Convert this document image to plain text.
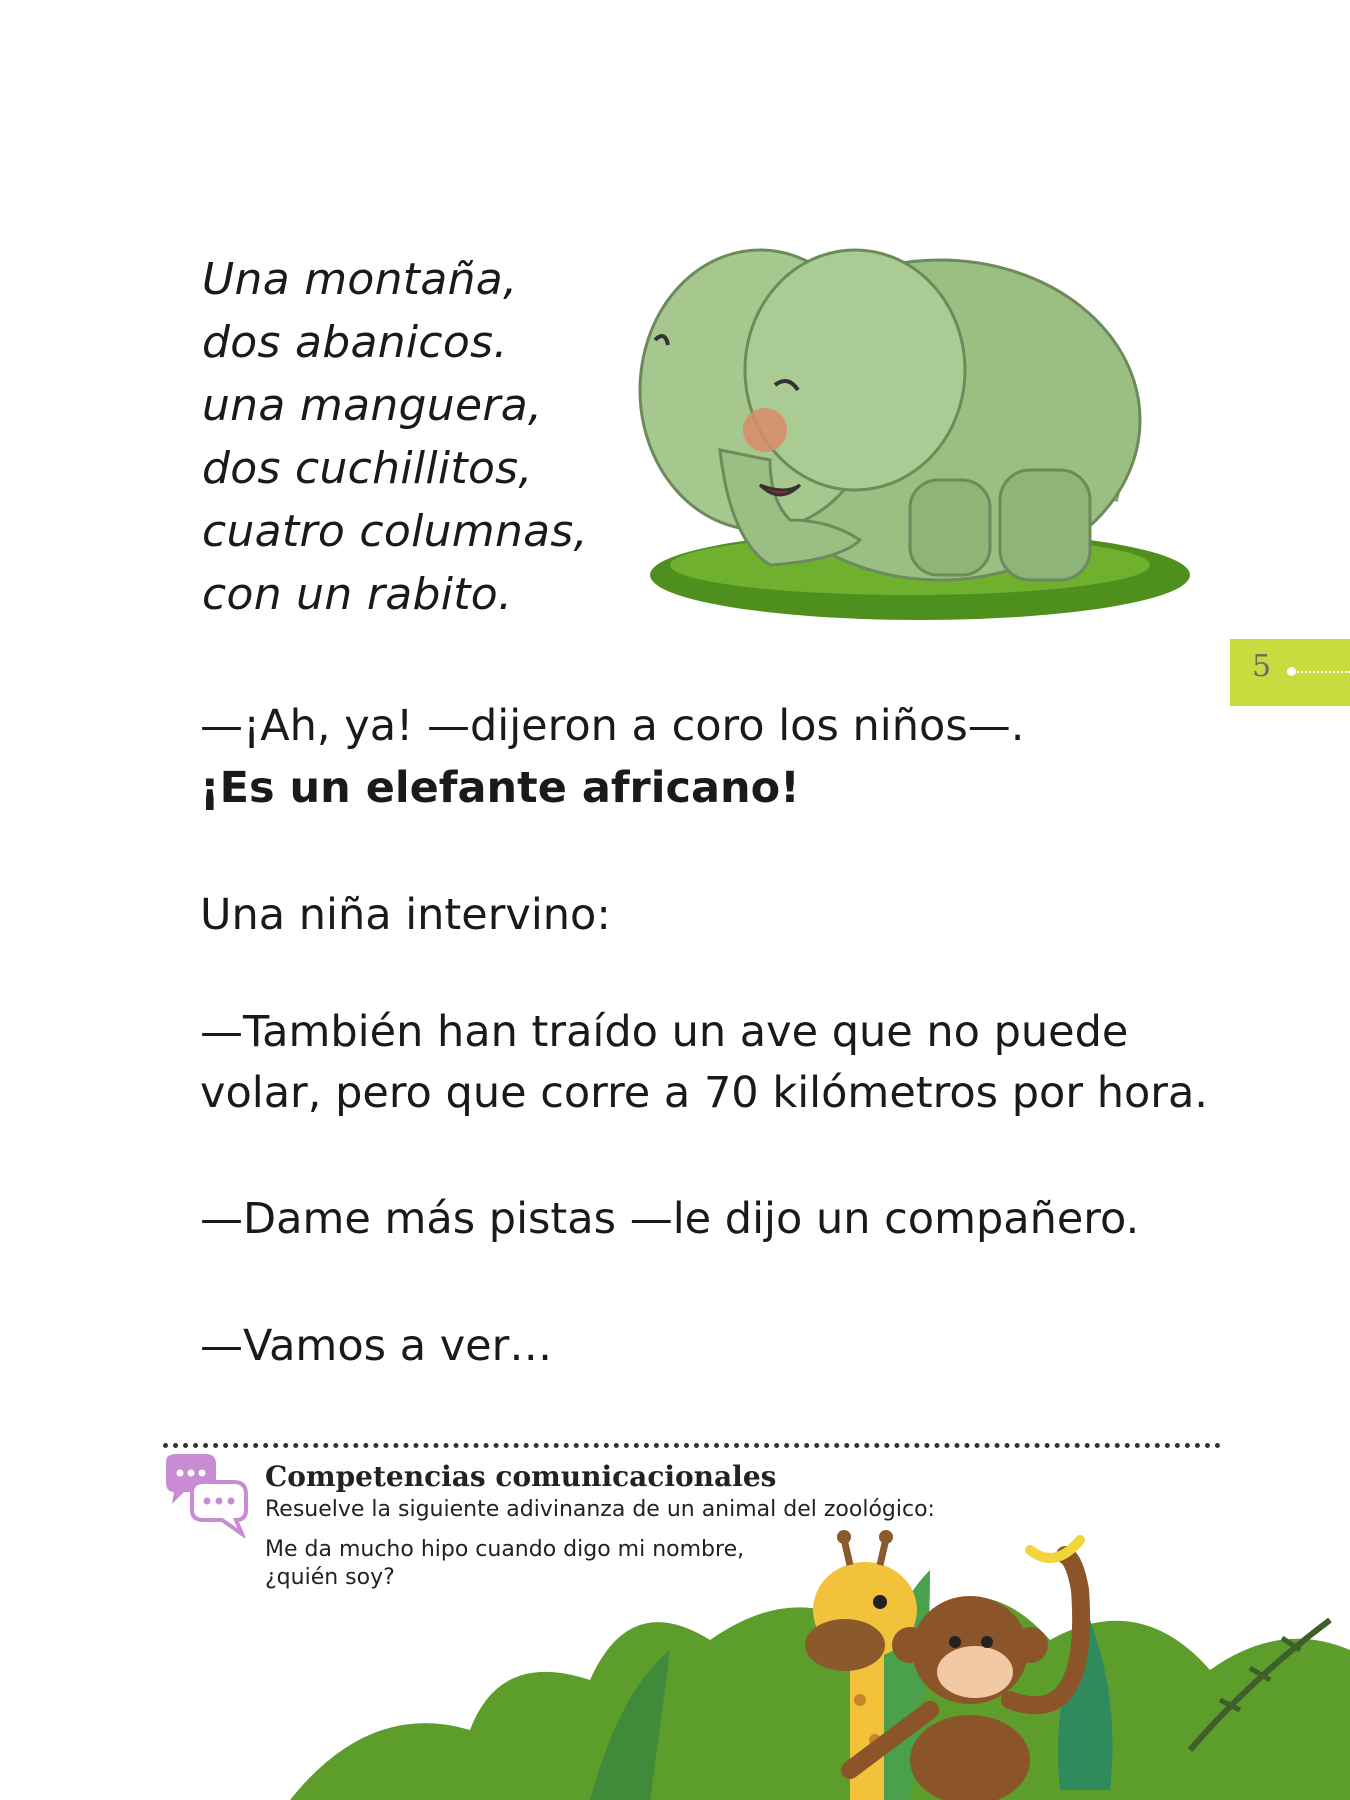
Una montaña,
dos abanicos.
una manguera,
dos cuchillitos,
cuatro columnas,
con un rabito.
5
—¡Ah, ya! —dijeron a coro los niños—.
¡Es un elefante africano!
Una niña intervino:
—También han traído un ave que no puede
volar, pero que corre a 70 kilómetros por hora.
—Dame más pistas —le dijo un compañero.
—Vamos a ver…
Competencias comunicacionales
Resuelve la siguiente adivinanza de un animal del zoológico:
Me da mucho hipo cuando digo mi nombre,
¿quién soy?
